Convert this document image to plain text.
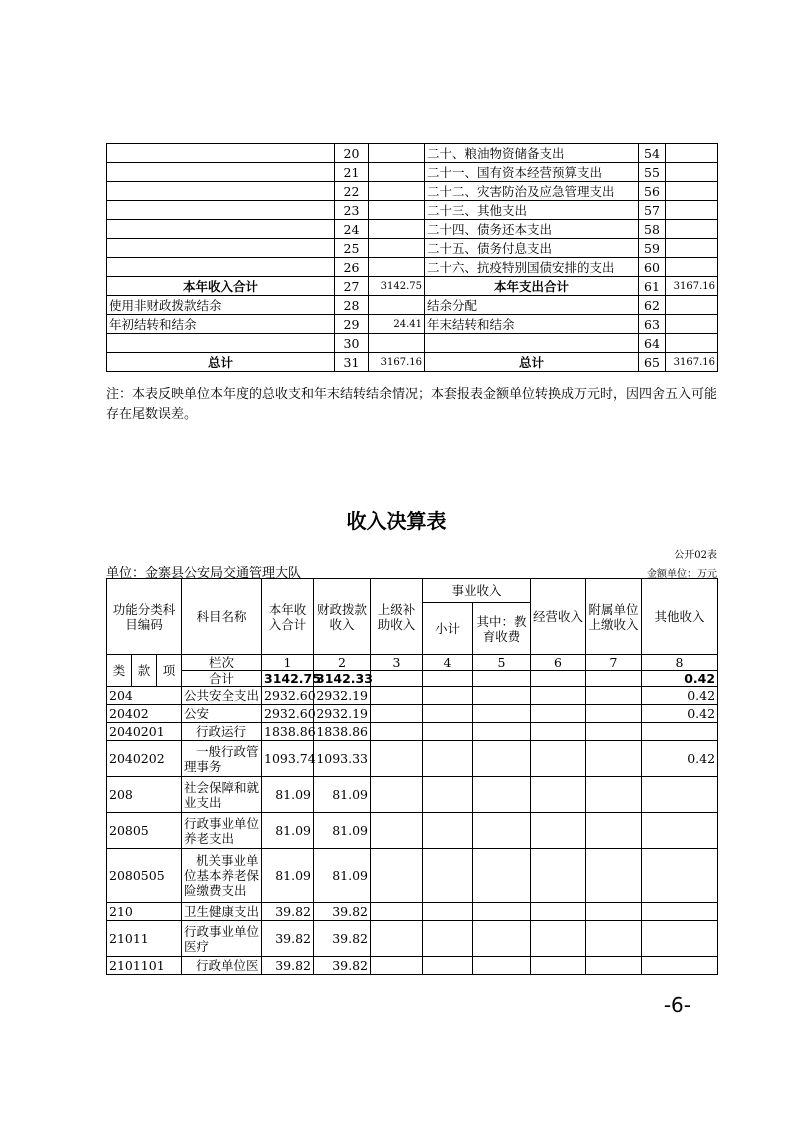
	20		二十、粮油物资储备支出	54	
	21		二十一、国有资本经营预算支出	55	
	22		二十二、灾害防治及应急管理支出	56	
	23		二十三、其他支出	57	
	24		二十四、债务还本支出	58	
	25		二十五、债务付息支出	59	
	26		二十六、抗疫特别国债安排的支出	60	
本年收入合计	27	3142.75	本年支出合计	61	3167.16
使用非财政拨款结余	28		结余分配	62	
年初结转和结余	29	24.41	年末结转和结余	63	
	30			64	
总计	31	3167.16	总计	65	3167.16
注：本表反映单位本年度的总收支和年末结转结余情况；本套报表金额单位转换成万元时，因四舍五入可能存在尾数误差。
收入决算表
公开02表
单位：金寨县公安局交通管理大队	金额单位：万元
功能分类科目编码			科目名称	本年收入合计	财政拨款收入	上级补助收入	事业收入		经营收入	附属单位上缴收入	其他收入
							小计	其中：教育收费			
类	款	项	栏次	1	2	3	4	5	6	7	8
			合计	3142.75	3142.33						0.42
204			公共安全支出	2932.60	2932.19						0.42
20402			公安	2932.60	2932.19						0.42
2040201			行政运行	1838.86	1838.86						
2040202			一般行政管理事务	1093.74	1093.33						0.42
208			社会保障和就业支出	81.09	81.09						
20805			行政事业单位养老支出	81.09	81.09						
2080505			机关事业单位基本养老保险缴费支出	81.09	81.09						
210			卫生健康支出	39.82	39.82						
21011			行政事业单位医疗	39.82	39.82						
2101101			行政单位医	39.82	39.82						
-6-
